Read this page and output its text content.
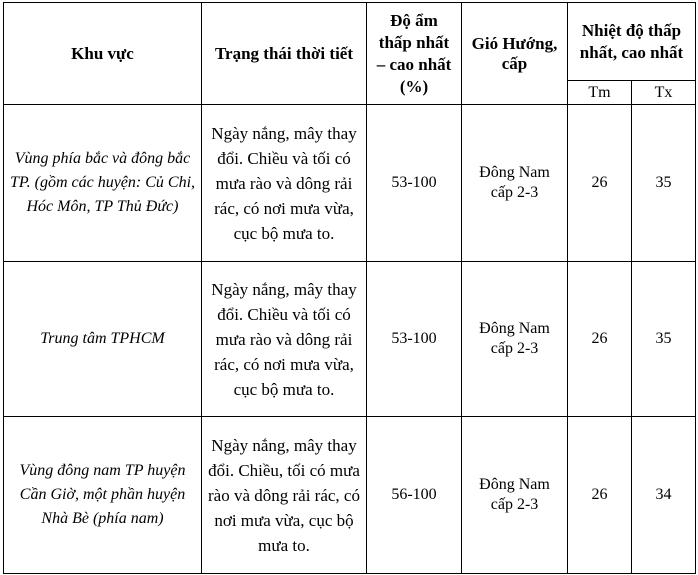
Khu vực	Trạng thái thời tiết	Độ ẩm thấp nhất – cao nhất (%)	Gió Hướng, cấp	Nhiệt độ thấp nhất, cao nhất	
				Tm	Tx
Vùng phía bắc và đông bắc TP. (gồm các huyện: Củ Chi, Hóc Môn, TP Thủ Đức)	Ngày nắng, mây thay đổi. Chiều và tối có mưa rào và dông rải rác, có nơi mưa vừa, cục bộ mưa to.	53-100	Đông Nam cấp 2-3	26	35
Trung tâm TPHCM	Ngày nắng, mây thay đổi. Chiều và tối có mưa rào và dông rải rác, có nơi mưa vừa, cục bộ mưa to.	53-100	Đông Nam cấp 2-3	26	35
Vùng đông nam TP huyện Cần Giờ, một phần huyện Nhà Bè (phía nam)	Ngày nắng, mây thay đổi. Chiều, tối có mưa rào và dông rải rác, có nơi mưa vừa, cục bộ mưa to.	56-100	Đông Nam cấp 2-3	26	34
